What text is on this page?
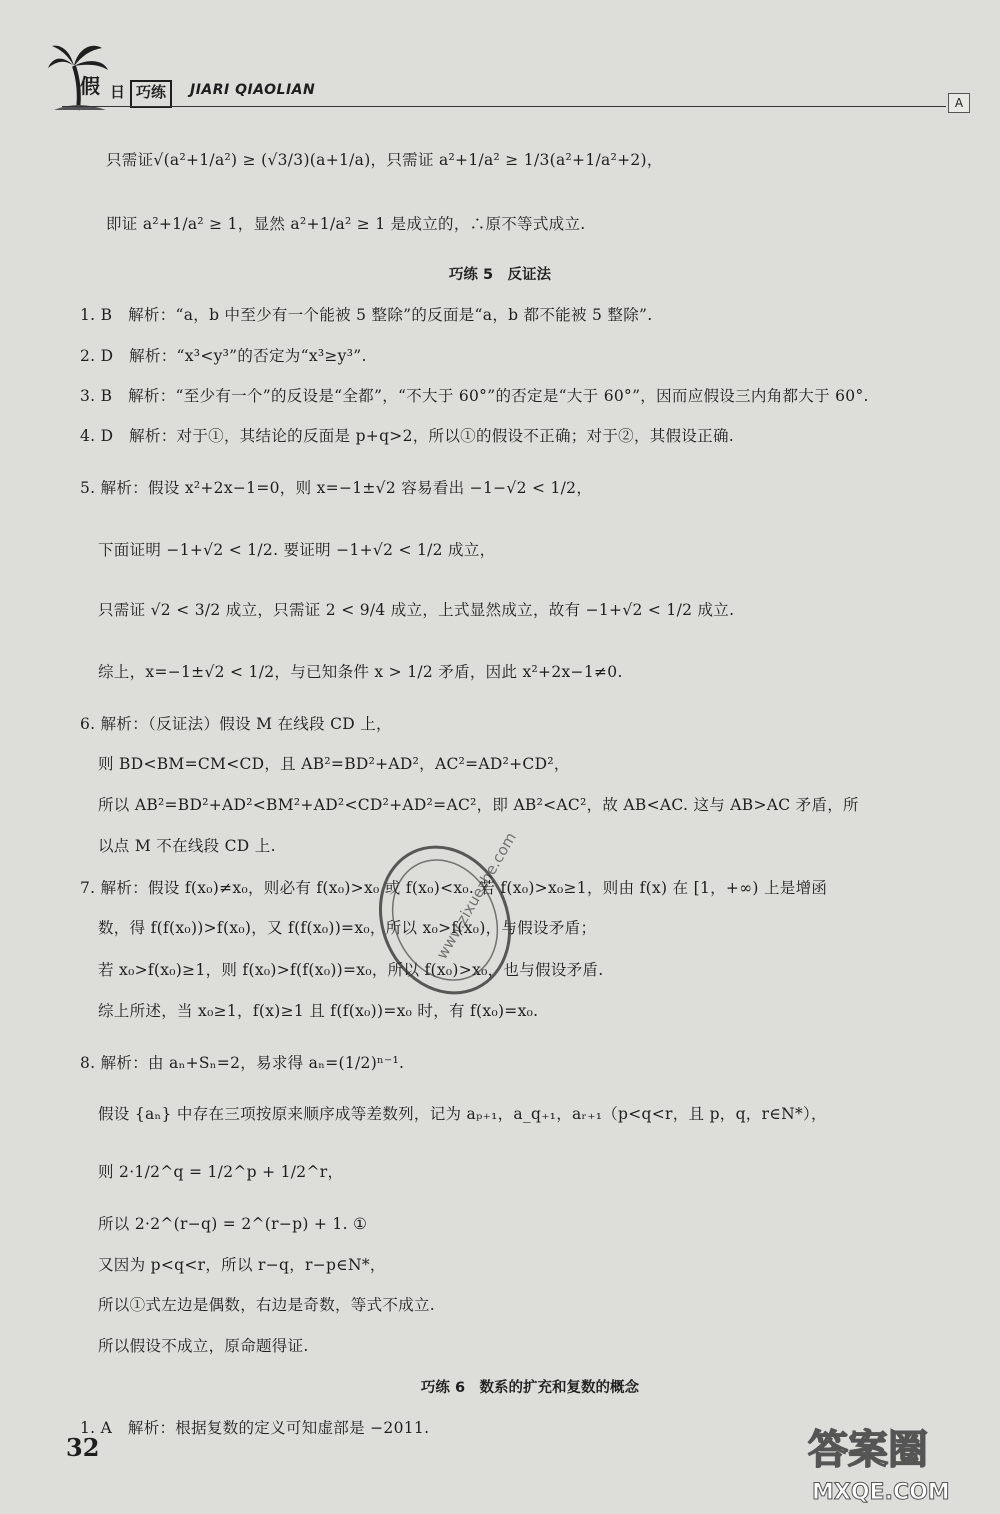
假 日 巧练	JIARI QIAOLIAN
A
只需证√(a²+1/a²) ≥ (√3/3)(a+1/a)，只需证 a²+1/a² ≥ 1/3(a²+1/a²+2)，
即证 a²+1/a² ≥ 1，显然 a²+1/a² ≥ 1 是成立的，∴原不等式成立.
巧练 5　反证法
1. B　解析：“a，b 中至少有一个能被 5 整除”的反面是“a，b 都不能被 5 整除”.
2. D　解析：“x³<y³”的否定为“x³≥y³”.
3. B　解析：“至少有一个”的反设是“全都”，“不大于 60°”的否定是“大于 60°”，因而应假设三内角都大于 60°.
4. D　解析：对于①，其结论的反面是 p+q>2，所以①的假设不正确；对于②，其假设正确.
5. 解析：假设 x²+2x−1=0，则 x=−1±√2 容易看出 −1−√2 < 1/2，
下面证明 −1+√2 < 1/2. 要证明 −1+√2 < 1/2 成立，
只需证 √2 < 3/2 成立，只需证 2 < 9/4 成立，上式显然成立，故有 −1+√2 < 1/2 成立.
综上，x=−1±√2 < 1/2，与已知条件 x > 1/2 矛盾，因此 x²+2x−1≠0.
6. 解析：（反证法）假设 M 在线段 CD 上，
则 BD<BM=CM<CD，且 AB²=BD²+AD²，AC²=AD²+CD²，
所以 AB²=BD²+AD²<BM²+AD²<CD²+AD²=AC²，即 AB²<AC²，故 AB<AC. 这与 AB>AC 矛盾，所
以点 M 不在线段 CD 上.
7. 解析：假设 f(x₀)≠x₀，则必有 f(x₀)>x₀ 或 f(x₀)<x₀. 若 f(x₀)>x₀≥1，则由 f(x) 在 [1，+∞) 上是增函
数，得 f(f(x₀))>f(x₀)，又 f(f(x₀))=x₀，所以 x₀>f(x₀)，与假设矛盾；
若 x₀>f(x₀)≥1，则 f(x₀)>f(f(x₀))=x₀，所以 f(x₀)>x₀，也与假设矛盾.
综上所述，当 x₀≥1，f(x)≥1 且 f(f(x₀))=x₀ 时，有 f(x₀)=x₀.
8. 解析：由 aₙ+Sₙ=2，易求得 aₙ=(1/2)ⁿ⁻¹.
假设 {aₙ} 中存在三项按原来顺序成等差数列，记为 aₚ₊₁，a_q₊₁，aᵣ₊₁（p<q<r，且 p，q，r∈N*），
则 2·1/2^q = 1/2^p + 1/2^r，
所以 2·2^(r−q) = 2^(r−p) + 1. ①
又因为 p<q<r，所以 r−q，r−p∈N*，
所以①式左边是偶数，右边是奇数，等式不成立.
所以假设不成立，原命题得证.
巧练 6　数系的扩充和复数的概念
1. A　解析：根据复数的定义可知虚部是 −2011.
32
www.zixuezhe.com
答案圈
MXQE.COM
